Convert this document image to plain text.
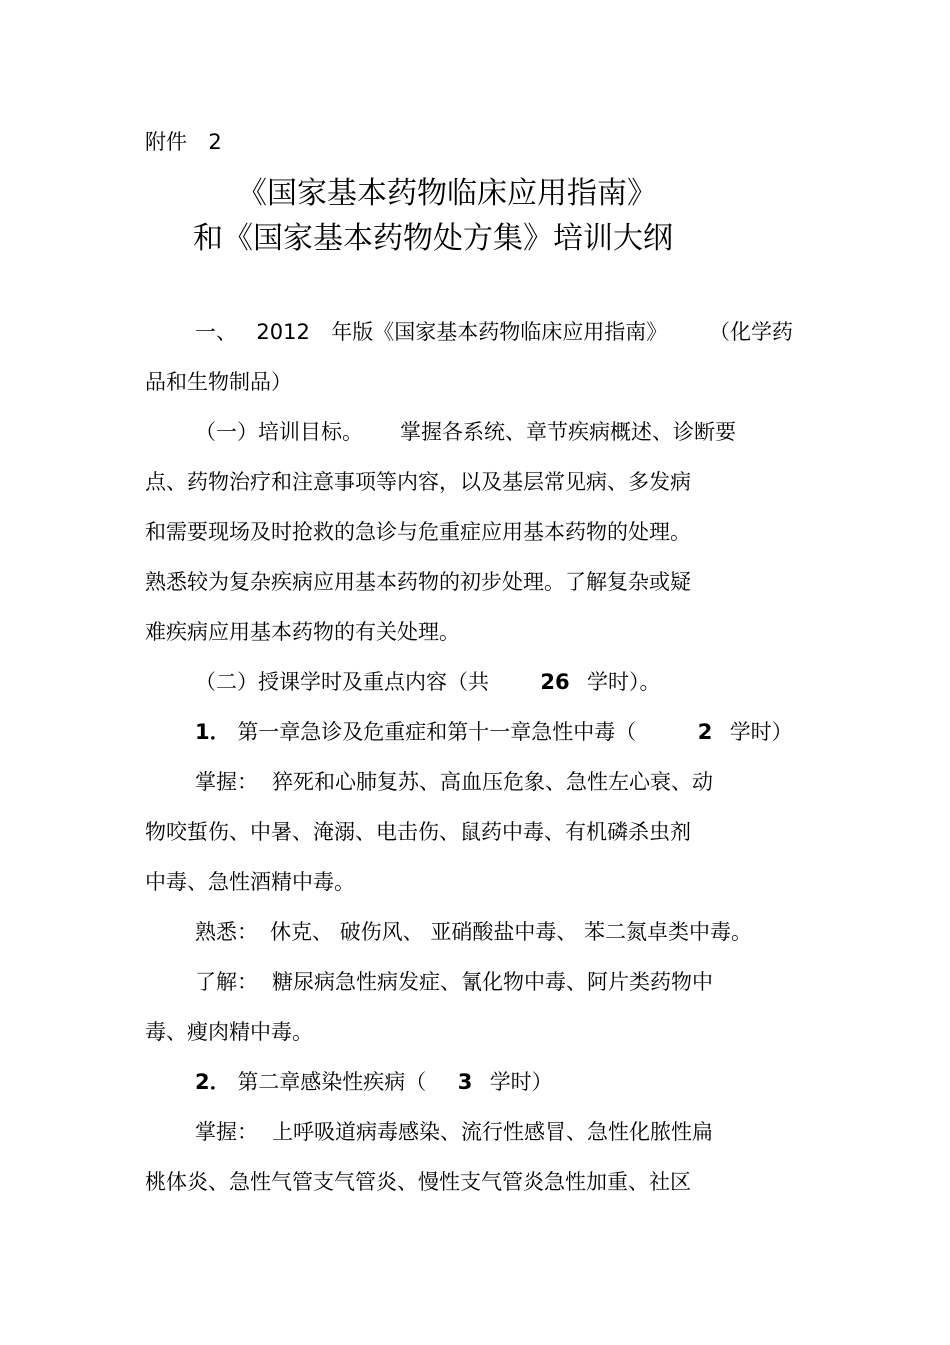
附件 2
《国家基本药物临床应用指南》
和《国家基本药物处方集》培训大纲
一、 2012 年版《国家基本药物临床应用指南》 （化学药
品和生物制品）
（一）培训目标。 掌握各系统、章节疾病概述、诊断要
点、药物治疗和注意事项等内容，以及基层常见病、多发病
和需要现场及时抢救的急诊与危重症应用基本药物的处理。
熟悉较为复杂疾病应用基本药物的初步处理。了解复杂或疑
难疾病应用基本药物的有关处理。
（二）授课学时及重点内容（共 26 学时）。
1． 第一章急诊及危重症和第十一章急性中毒（	2 学时）
掌握： 猝死和心肺复苏、高血压危象、急性左心衰、动
物咬蜇伤、中暑、淹溺、电击伤、鼠药中毒、有机磷杀虫剂
中毒、急性酒精中毒。
熟悉： 休克、 破伤风、 亚硝酸盐中毒、 苯二氮卓类中毒。
了解： 糖尿病急性病发症、氰化物中毒、阿片类药物中
毒、瘦肉精中毒。
2． 第二章感染性疾病（ 3 学时）
掌握： 上呼吸道病毒感染、流行性感冒、急性化脓性扁
桃体炎、急性气管支气管炎、慢性支气管炎急性加重、社区
